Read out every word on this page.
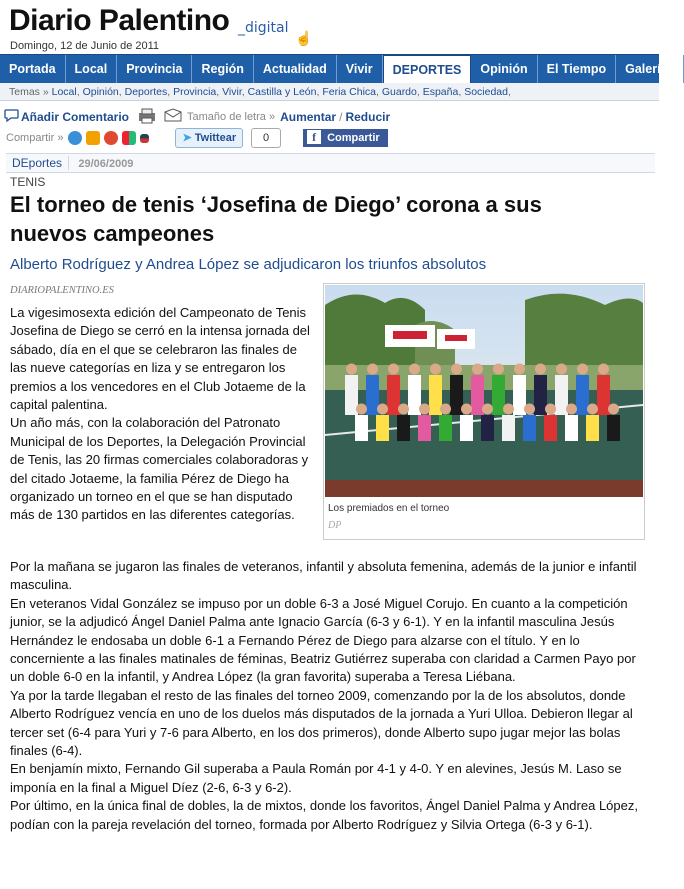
Diario Palentino _digital
☝
Domingo, 12 de Junio de 2011
Portada	Local	Provincia	Región	Actualidad	Vivir	DEPORTES	Opinión	El Tiempo	Galerías
Temas » Local, Opinión, Deportes, Provincia, Vivir, Castilla y León, Feria Chica, Guardo, España, Sociedad,
Añadir Comentario	Tamaño de letra » Aumentar / Reducir
Compartir »	➤ Twittear	0	f Compartir
DEportes 29/06/2009
TENIS
El torneo de tenis ‘Josefina de Diego’ corona a sus nuevos campeones
Alberto Rodríguez y Andrea López se adjudicaron los triunfos absolutos
DIARIOPALENTINO.ES
Los premiados en el torneo
DP

La vigesimosexta edición del Campeonato de Tenis Josefina de Diego se cerró en la intensa jornada del sábado, día en el que se celebraron las finales de las nueve categorías en liza y se entregaron los premios a los vencedores en el Club Jotaeme de la capital palentina.

Un año más, con la colaboración del Patronato Municipal de los Deportes, la Delegación Provincial de Tenis, las 20 firmas comerciales colaboradoras y del citado Jotaeme, la familia Pérez de Diego ha organizado un torneo en el que se han disputado más de 130 partidos en las diferentes categorías.

Por la mañana se jugaron las finales de veteranos, infantil y absoluta femenina, además de la junior e infantil masculina.

En veteranos Vidal González se impuso por un doble 6-3 a José Miguel Corujo. En cuanto a la competición junior, se la adjudicó Ángel Daniel Palma ante Ignacio García (6-3 y 6-1). Y en la infantil masculina Jesús Hernández le endosaba un doble 6-1 a Fernando Pérez de Diego para alzarse con el título. Y en lo concerniente a las finales matinales de féminas, Beatriz Gutiérrez superaba con claridad a Carmen Payo por un doble 6-0 en la infantil, y Andrea López (la gran favorita) superaba a Teresa Liébana.

Ya por la tarde llegaban el resto de las finales del torneo 2009, comenzando por la de los absolutos, donde Alberto Rodríguez vencía en uno de los duelos más disputados de la jornada a Yuri Ulloa. Debieron llegar al tercer set (6-4 para Yuri y 7-6 para Alberto, en los dos primeros), donde Alberto supo jugar mejor las bolas finales (6-4).

En benjamín mixto, Fernando Gil superaba a Paula Román por 4-1 y 4-0. Y en alevines, Jesús M. Laso se imponía en la final a Miguel Díez (2-6, 6-3 y 6-2).

Por último, en la única final de dobles, la de mixtos, donde los favoritos, Ángel Daniel Palma y Andrea López, podían con la pareja revelación del torneo, formada por Alberto Rodríguez y Silvia Ortega (6-3 y 6-1).
